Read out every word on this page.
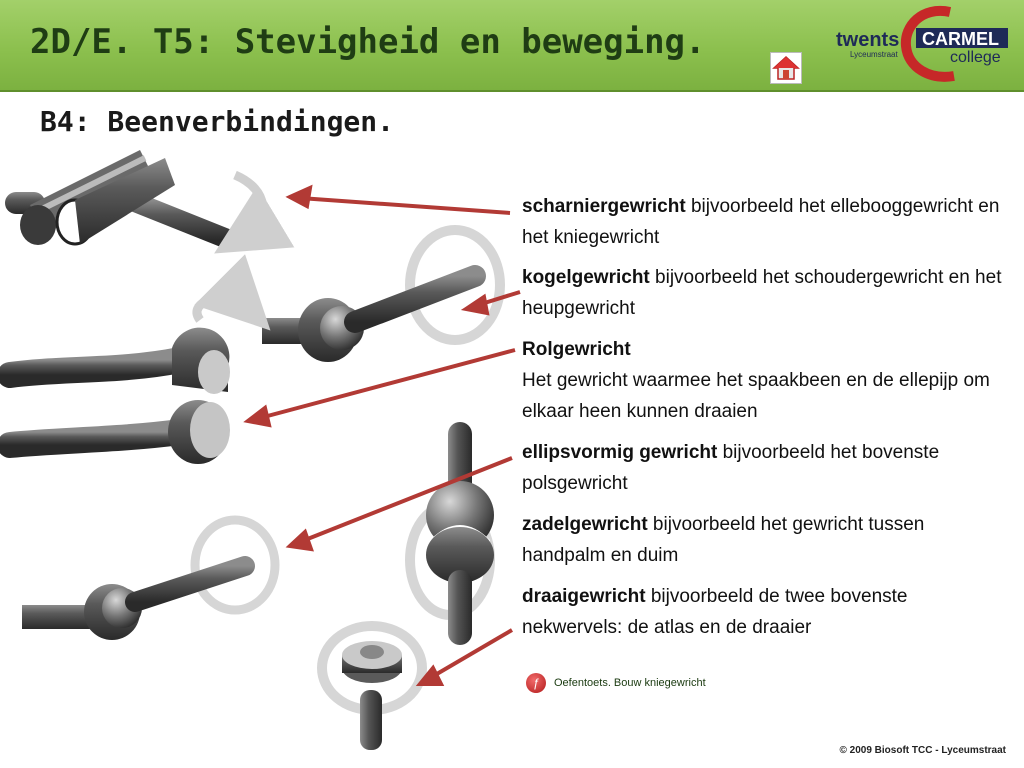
2D/E. T5: Stevigheid en beweging.	twents CARMEL
college
Lyceumstraat
B4: Beenverbindingen.
scharniergewricht bijvoorbeeld het ellebooggewricht en het kniegewricht
kogelgewricht bijvoorbeeld het schoudergewricht en het heupgewricht
Rolgewricht
Het gewricht waarmee het spaakbeen en de ellepijp om elkaar heen kunnen draaien
ellipsvormig gewricht bijvoorbeeld het bovenste polsgewricht
zadelgewricht bijvoorbeeld het gewricht tussen handpalm en duim
draaigewricht bijvoorbeeld de twee bovenste nekwervels: de atlas en de draaier
ƒ	Oefentoets. Bouw kniegewricht
© 2009 Biosoft TCC - Lyceumstraat
